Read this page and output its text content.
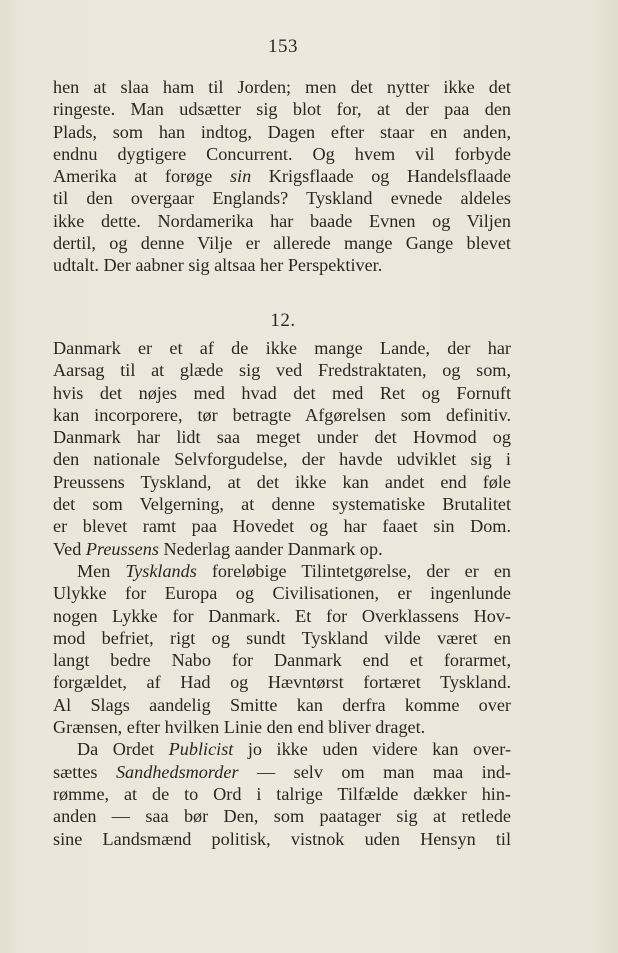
153
hen at slaa ham til Jorden; men det nytter ikke det
ringeste. Man udsætter sig blot for, at der paa den
Plads, som han indtog, Dagen efter staar en anden,
endnu dygtigere Concurrent. Og hvem vil forbyde
Amerika at forøge sin Krigsflaade og Handelsflaade
til den overgaar Englands? Tyskland evnede aldeles
ikke dette. Nordamerika har baade Evnen og Viljen
dertil, og denne Vilje er allerede mange Gange blevet
udtalt. Der aabner sig altsaa her Perspektiver.
12.
Danmark er et af de ikke mange Lande, der har
Aarsag til at glæde sig ved Fredstraktaten, og som,
hvis det nøjes med hvad det med Ret og Fornuft
kan incorporere, tør betragte Afgørelsen som definitiv.
Danmark har lidt saa meget under det Hovmod og
den nationale Selvforgudelse, der havde udviklet sig i
Preussens Tyskland, at det ikke kan andet end føle
det som Velgerning, at denne systematiske Brutalitet
er blevet ramt paa Hovedet og har faaet sin Dom.
Ved Preussens Nederlag aander Danmark op.
Men Tysklands foreløbige Tilintetgørelse, der er en
Ulykke for Europa og Civilisationen, er ingenlunde
nogen Lykke for Danmark. Et for Overklassens Hov-
mod befriet, rigt og sundt Tyskland vilde været en
langt bedre Nabo for Danmark end et forarmet,
forgældet, af Had og Hævntørst fortæret Tyskland.
Al Slags aandelig Smitte kan derfra komme over
Grænsen, efter hvilken Linie den end bliver draget.
Da Ordet Publicist jo ikke uden videre kan over-
sættes Sandhedsmorder — selv om man maa ind-
rømme, at de to Ord i talrige Tilfælde dækker hin-
anden — saa bør Den, som paatager sig at retlede
sine Landsmænd politisk, vistnok uden Hensyn til
